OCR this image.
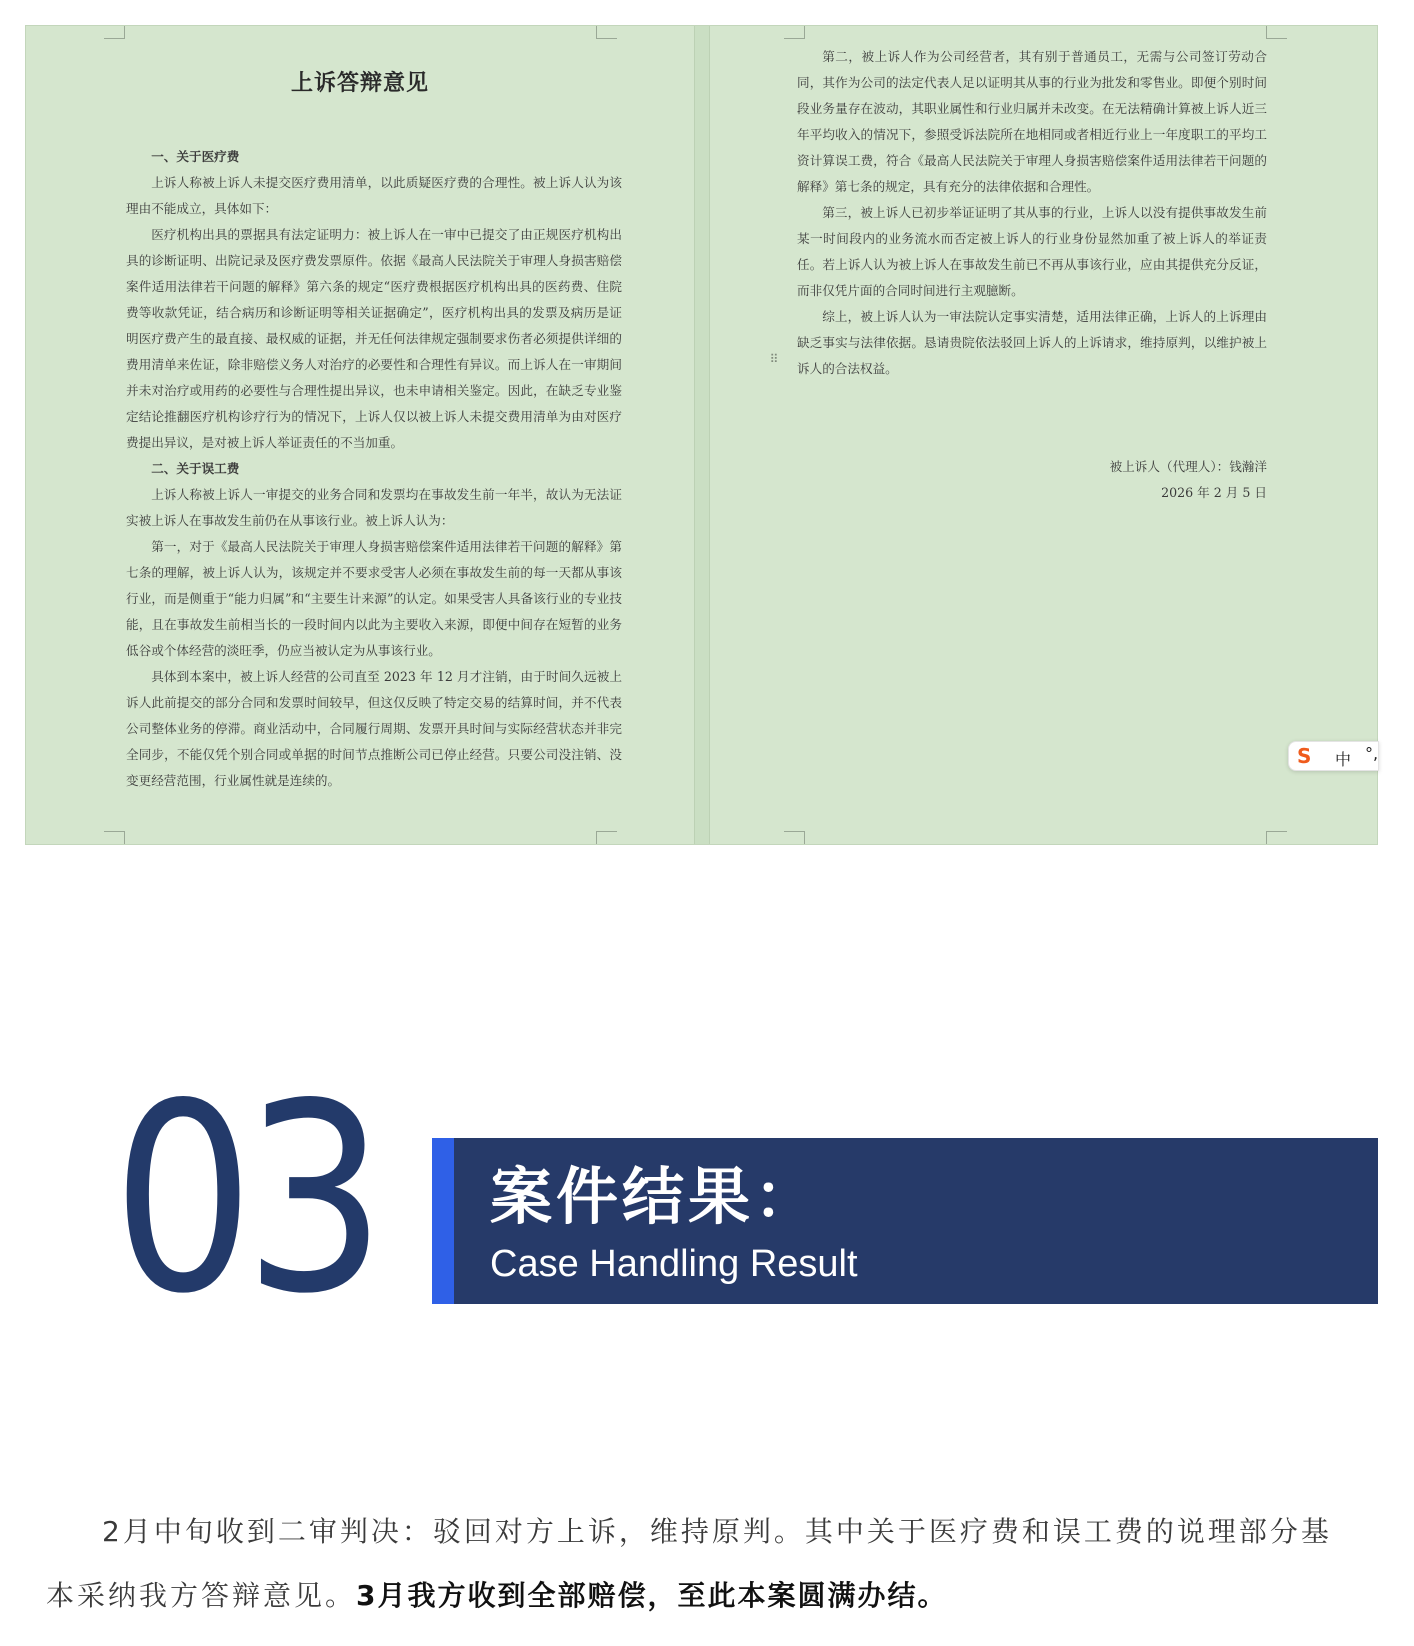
上诉答辩意见

一、关于医疗费

上诉人称被上诉人未提交医疗费用清单，以此质疑医疗费的合理性。被上诉人认为该理由不能成立，具体如下：

医疗机构出具的票据具有法定证明力：被上诉人在一审中已提交了由正规医疗机构出具的诊断证明、出院记录及医疗费发票原件。依据《最高人民法院关于审理人身损害赔偿案件适用法律若干问题的解释》第六条的规定“医疗费根据医疗机构出具的医药费、住院费等收款凭证，结合病历和诊断证明等相关证据确定”，医疗机构出具的发票及病历是证明医疗费产生的最直接、最权威的证据，并无任何法律规定强制要求伤者必须提供详细的费用清单来佐证，除非赔偿义务人对治疗的必要性和合理性有异议。而上诉人在一审期间并未对治疗或用药的必要性与合理性提出异议，也未申请相关鉴定。因此，在缺乏专业鉴定结论推翻医疗机构诊疗行为的情况下，上诉人仅以被上诉人未提交费用清单为由对医疗费提出异议，是对被上诉人举证责任的不当加重。

二、关于误工费

上诉人称被上诉人一审提交的业务合同和发票均在事故发生前一年半，故认为无法证实被上诉人在事故发生前仍在从事该行业。被上诉人认为：

第一，对于《最高人民法院关于审理人身损害赔偿案件适用法律若干问题的解释》第七条的理解，被上诉人认为，该规定并不要求受害人必须在事故发生前的每一天都从事该行业，而是侧重于“能力归属”和“主要生计来源”的认定。如果受害人具备该行业的专业技能，且在事故发生前相当长的一段时间内以此为主要收入来源，即便中间存在短暂的业务低谷或个体经营的淡旺季，仍应当被认定为从事该行业。

具体到本案中，被上诉人经营的公司直至 2023 年 12 月才注销，由于时间久远被上诉人此前提交的部分合同和发票时间较早，但这仅反映了特定交易的结算时间，并不代表公司整体业务的停滞。商业活动中，合同履行周期、发票开具时间与实际经营状态并非完全同步，不能仅凭个别合同或单据的时间节点推断公司已停止经营。只要公司没注销、没变更经营范围，行业属性就是连续的。

第二，被上诉人作为公司经营者，其有别于普通员工，无需与公司签订劳动合同，其作为公司的法定代表人足以证明其从事的行业为批发和零售业。即便个别时间段业务量存在波动，其职业属性和行业归属并未改变。在无法精确计算被上诉人近三年平均收入的情况下，参照受诉法院所在地相同或者相近行业上一年度职工的平均工资计算误工费，符合《最高人民法院关于审理人身损害赔偿案件适用法律若干问题的解释》第七条的规定，具有充分的法律依据和合理性。

第三，被上诉人已初步举证证明了其从事的行业，上诉人以没有提供事故发生前某一时间段内的业务流水而否定被上诉人的行业身份显然加重了被上诉人的举证责任。若上诉人认为被上诉人在事故发生前已不再从事该行业，应由其提供充分反证，而非仅凭片面的合同时间进行主观臆断。

综上，被上诉人认为一审法院认定事实清楚，适用法律正确，上诉人的上诉理由缺乏事实与法律依据。恳请贵院依法驳回上诉人的上诉请求，维持原判，以维护被上诉人的合法权益。

被上诉人（代理人）：钱瀚洋
2026 年 2 月 5 日
⠿
S	中 °,
03 案件结果：
Case Handling Result
2月中旬收到二审判决：驳回对方上诉，维持原判。其中关于医疗费和误工费的说理部分基本采纳我方答辩意见。3月我方收到全部赔偿，至此本案圆满办结。
